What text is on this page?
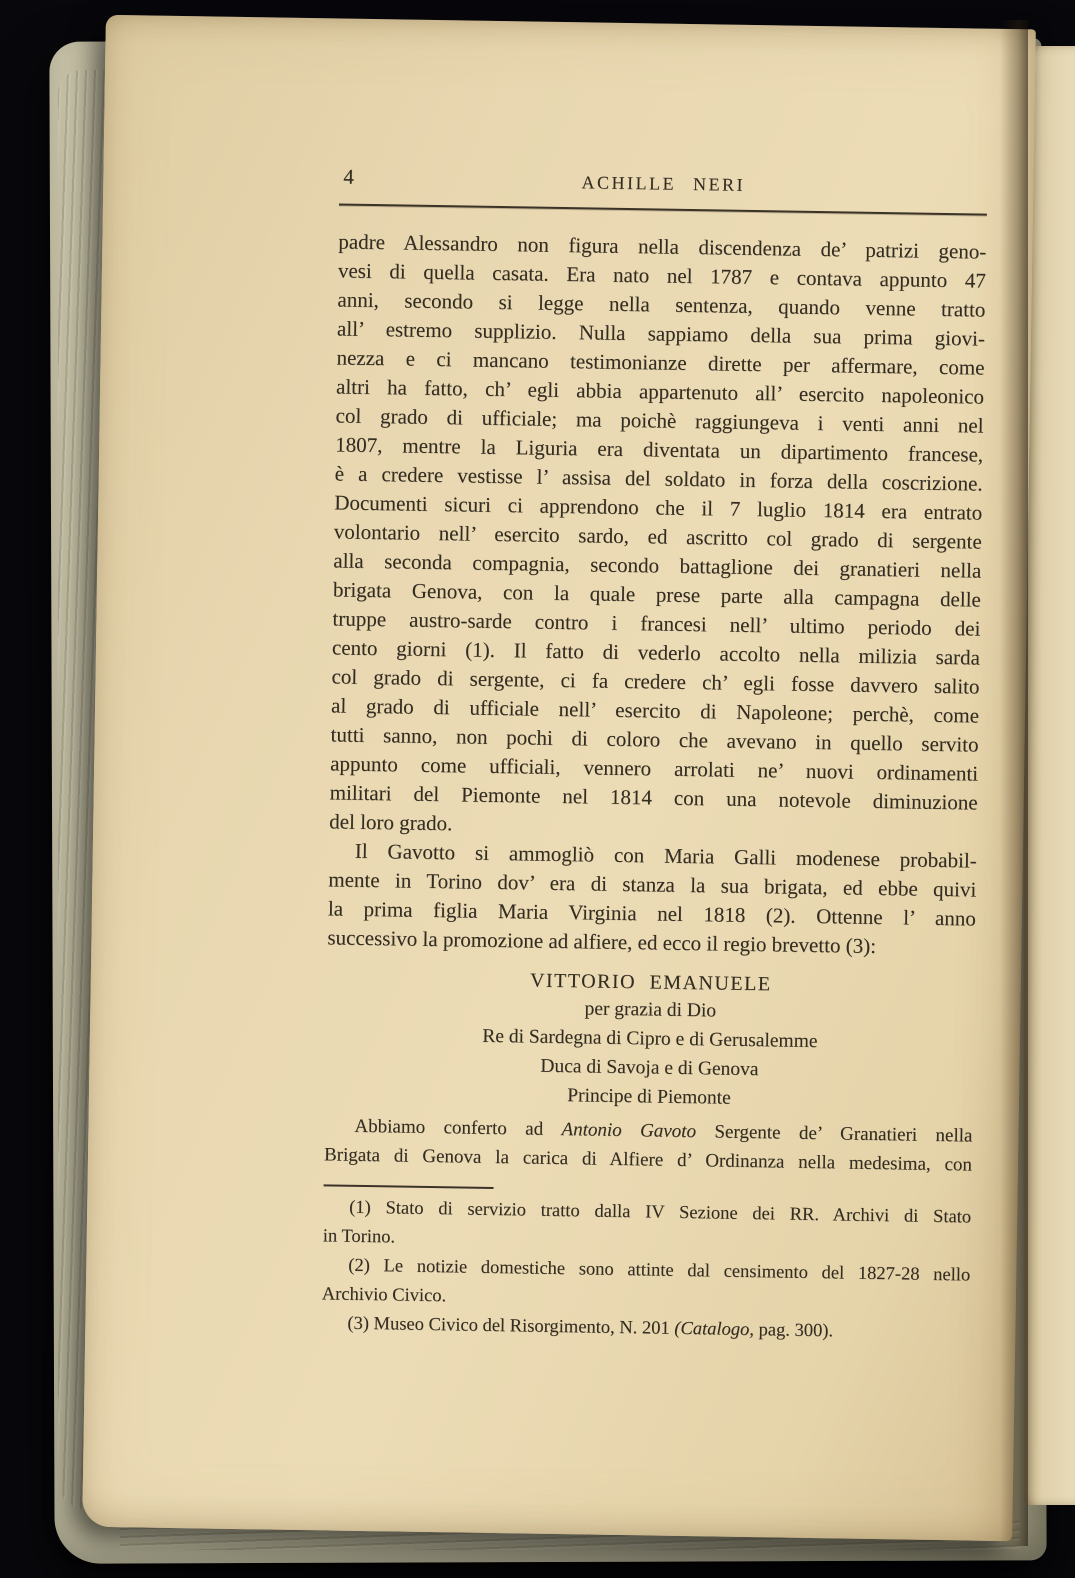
4	ACHILLE NERI
padre Alessandro non figura nella discendenza de’ patrizi geno-
vesi di quella casata. Era nato nel 1787 e contava appunto 47
anni, secondo si legge nella sentenza, quando venne tratto
all’ estremo supplizio. Nulla sappiamo della sua prima giovi-
nezza e ci mancano testimonianze dirette per affermare, come
altri ha fatto, ch’ egli abbia appartenuto all’ esercito napoleonico
col grado di ufficiale; ma poichè raggiungeva i venti anni nel
1807, mentre la Liguria era diventata un dipartimento francese,
è a credere vestisse l’ assisa del soldato in forza della coscrizione.
Documenti sicuri ci apprendono che il 7 luglio 1814 era entrato
volontario nell’ esercito sardo, ed ascritto col grado di sergente
alla seconda compagnia, secondo battaglione dei granatieri nella
brigata Genova, con la quale prese parte alla campagna delle
truppe austro-sarde contro i francesi nell’ ultimo periodo dei
cento giorni (1). Il fatto di vederlo accolto nella milizia sarda
col grado di sergente, ci fa credere ch’ egli fosse davvero salito
al grado di ufficiale nell’ esercito di Napoleone; perchè, come
tutti sanno, non pochi di coloro che avevano in quello servito
appunto come ufficiali, vennero arrolati ne’ nuovi ordinamenti
militari del Piemonte nel 1814 con una notevole diminuzione
del loro grado.
Il Gavotto si ammogliò con Maria Galli modenese probabil-
mente in Torino dov’ era di stanza la sua brigata, ed ebbe quivi
la prima figlia Maria Virginia nel 1818 (2). Ottenne l’ anno
successivo la promozione ad alfiere, ed ecco il regio brevetto (3):
VITTORIO EMANUELE
per grazia di Dio
Re di Sardegna di Cipro e di Gerusalemme
Duca di Savoja e di Genova
Principe di Piemonte
Abbiamo conferto ad Antonio Gavoto Sergente de’ Granatieri nella
Brigata di Genova la carica di Alfiere d’ Ordinanza nella medesima, con
(1) Stato di servizio tratto dalla IV Sezione dei RR. Archivi di Stato
in Torino.
(2) Le notizie domestiche sono attinte dal censimento del 1827-28 nello
Archivio Civico.
(3) Museo Civico del Risorgimento, N. 201 (Catalogo, pag. 300).
